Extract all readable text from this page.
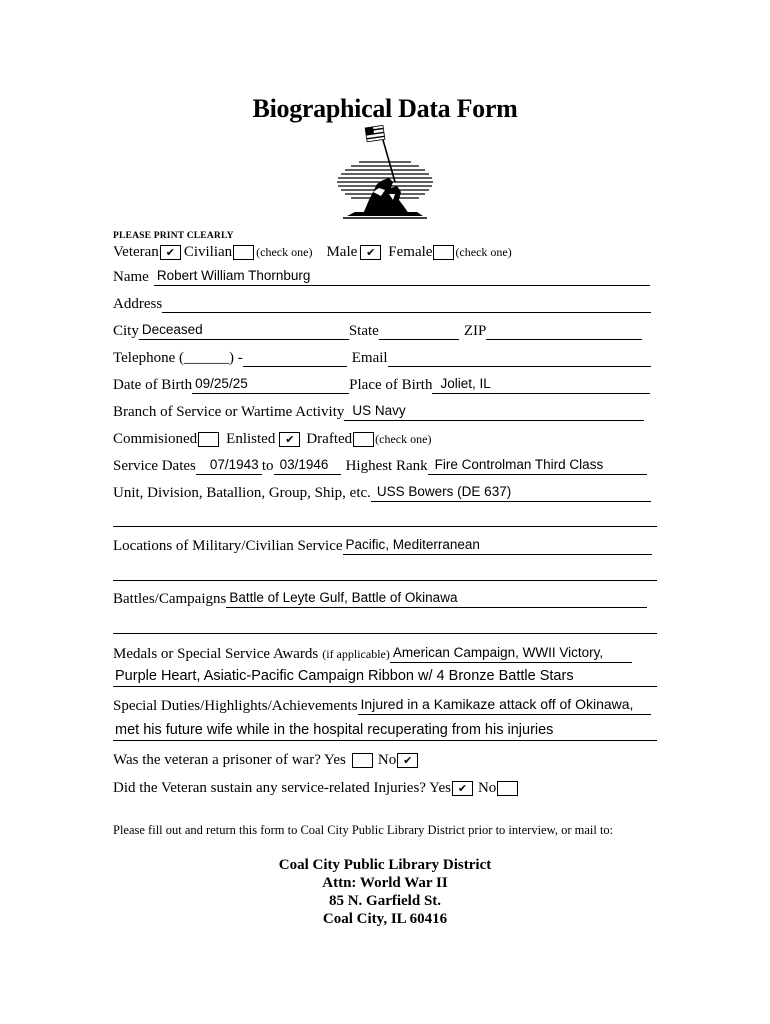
Biographical Data Form
PLEASE PRINT CLEARLY
Veteran ✔ Civilian (check one) Male ✔ Female (check one)
Name Robert William Thornburg
Address
City Deceased	State	ZIP
Telephone (______) -	Email
Date of Birth 09/25/25	Place of Birth Joliet, IL
Branch of Service or Wartime Activity US Navy
Commisioned Enlisted ✔ Drafted (check one)
Service Dates 07/1943 to 03/1946 Highest Rank Fire Controlman Third Class
Unit, Division, Batallion, Group, Ship, etc. USS Bowers (DE 637)
Locations of Military/Civilian Service Pacific, Mediterranean
Battles/Campaigns Battle of Leyte Gulf, Battle of Okinawa
Medals or Special Service Awards (if applicable) American Campaign, WWII Victory,
Purple Heart, Asiatic-Pacific Campaign Ribbon w/ 4 Bronze Battle Stars
Special Duties/Highlights/Achievements Injured in a Kamikaze attack off of Okinawa,
met his future wife while in the hospital recuperating from his injuries
Was the veteran a prisoner of war? Yes No ✔
Did the Veteran sustain any service-related Injuries? Yes ✔ No
Please fill out and return this form to Coal City Public Library District prior to interview, or mail to:
Coal City Public Library District
Attn: World War II
85 N. Garfield St.
Coal City, IL 60416
